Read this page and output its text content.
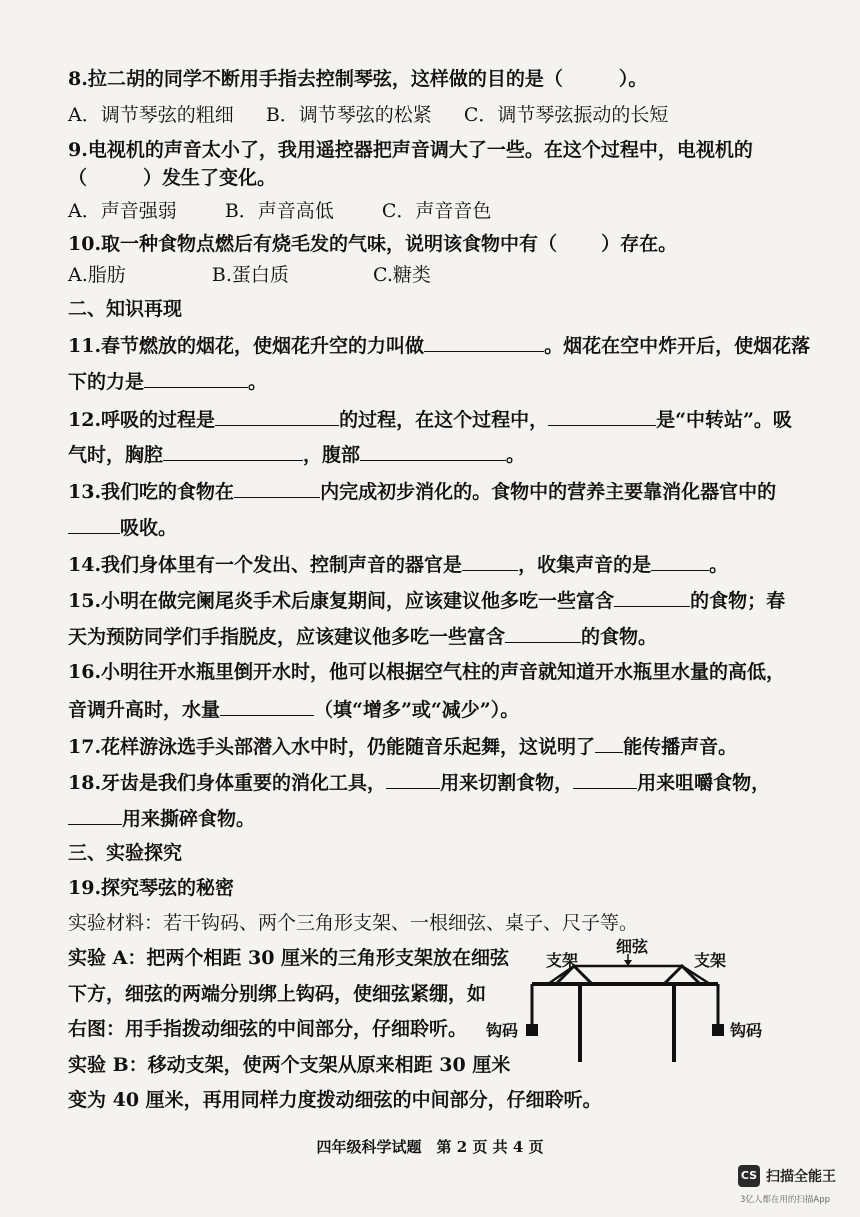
8.拉二胡的同学不断用手指去控制琴弦，这样做的目的是（	）。
A．调节琴弦的粗细 B．调节琴弦的松紧 C．调节琴弦振动的长短
9.电视机的声音太小了，我用遥控器把声音调大了一些。在这个过程中，电视机的
（	）发生了变化。
A．声音强弱	B．声音高低	C．声音音色
10.取一种食物点燃后有烧毛发的气味，说明该食物中有（ ）存在。
A.脂肪	B.蛋白质	C.糖类
二、知识再现
11.春节燃放的烟花，使烟花升空的力叫做	。烟花在空中炸开后，使烟花落
下的力是	。
12.呼吸的过程是	的过程，在这个过程中，	是“中转站”。吸
气时，胸腔	，腹部	。
13.我们吃的食物在	内完成初步消化的。食物中的营养主要靠消化器官中的
吸收。
14.我们身体里有一个发出、控制声音的器官是	，收集声音的是	。
15.小明在做完阑尾炎手术后康复期间，应该建议他多吃一些富含	的食物；春
天为预防同学们手指脱皮，应该建议他多吃一些富含	的食物。
16.小明往开水瓶里倒开水时，他可以根据空气柱的声音就知道开水瓶里水量的高低，
音调升高时，水量	（填“增多”或“减少”）。
17.花样游泳选手头部潜入水中时，仍能随音乐起舞，这说明了 能传播声音。
18.牙齿是我们身体重要的消化工具，	用来切割食物，	用来咀嚼食物，
用来撕碎食物。
三、实验探究
19.探究琴弦的秘密
实验材料：若干钩码、两个三角形支架、一根细弦、桌子、尺子等。
实验 A：把两个相距 30 厘米的三角形支架放在细弦
下方，细弦的两端分别绑上钩码，使细弦紧绷，如
右图：用手指拨动细弦的中间部分，仔细聆听。
实验 B：移动支架，使两个支架从原来相距 30 厘米
变为 40 厘米，再用同样力度拨动细弦的中间部分，仔细聆听。
细弦
支架	支架
钩码	钩码
四年级科学试题　第 2 页 共 4 页
CS 扫描全能王
3亿人都在用的扫描App
